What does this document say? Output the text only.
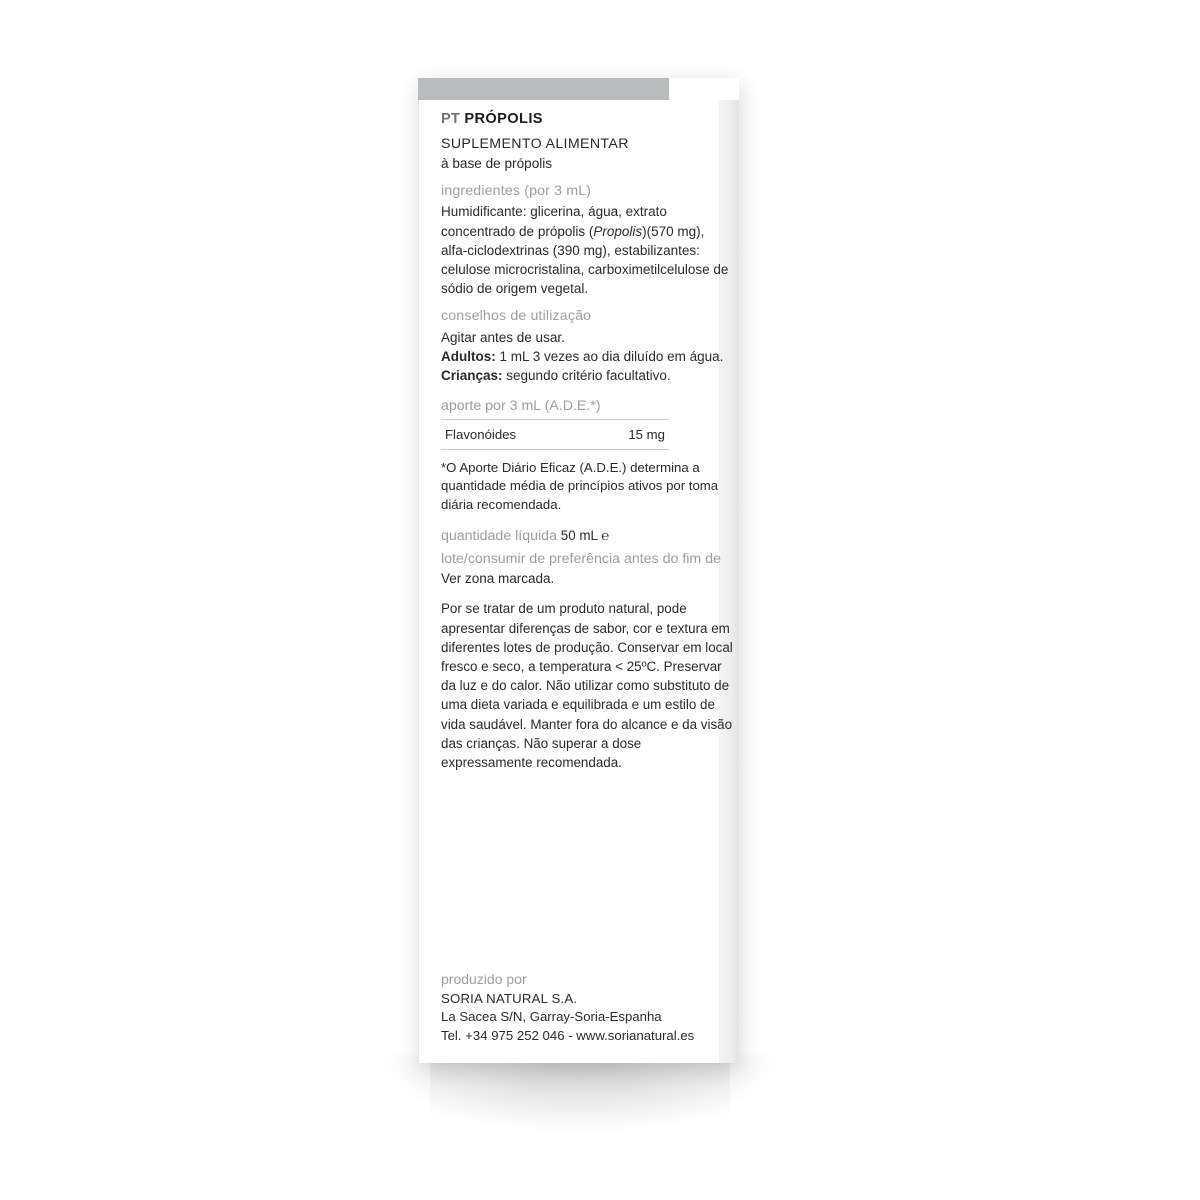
PT PRÓPOLIS
SUPLEMENTO ALIMENTAR
à base de própolis
ingredientes (por 3 mL)
Humidificante: glicerina, água, extrato concentrado de própolis (Propolis)(570 mg), alfa-ciclodextrinas (390 mg), estabilizantes: celulose microcristalina, carboximetilcelulose de sódio de origem vegetal.
conselhos de utilização
Agitar antes de usar.
Adultos: 1 mL 3 vezes ao dia diluído em água.
Crianças: segundo critério facultativo.
aporte por 3 mL (A.D.E.*)
Flavonóides	15 mg
*O Aporte Diário Eficaz (A.D.E.) determina a quantidade média de princípios ativos por toma diária recomendada.
quantidade líquida 50 mL ℮
lote/consumir de preferência antes do fim de
Ver zona marcada.
Por se tratar de um produto natural, pode apresentar diferenças de sabor, cor e textura em diferentes lotes de produção. Conservar em local fresco e seco, a temperatura < 25ºC. Preservar da luz e do calor. Não utilizar como substituto de uma dieta variada e equilibrada e um estilo de vida saudável. Manter fora do alcance e da visão das crianças. Não superar a dose expressamente recomendada.
produzido por
SORIA NATURAL S.A.
La Sacea S/N, Garray-Soria-Espanha
Tel. +34 975 252 046 - www.sorianatural.es
